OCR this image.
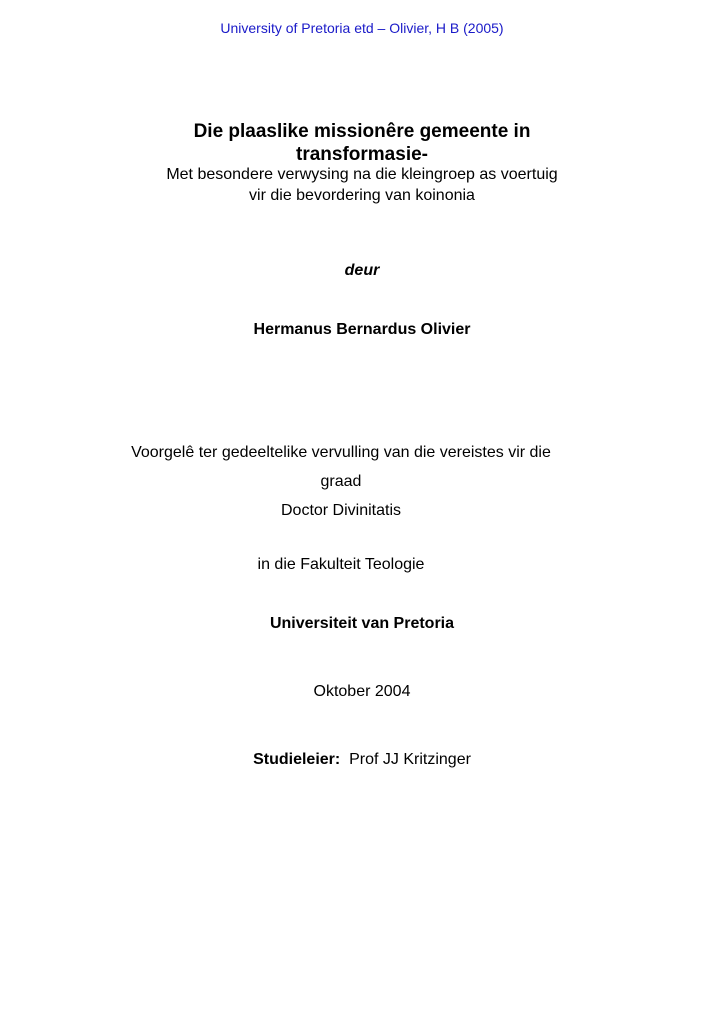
University of Pretoria etd – Olivier, H B (2005)
Die plaaslike missionêre gemeente in
transformasie-
Met besondere verwysing na die kleingroep as voertuig
vir die bevordering van koinonia
deur
Hermanus Bernardus Olivier
Voorgelê ter gedeeltelike vervulling van die vereistes vir die
graad
Doctor Divinitatis
in die Fakulteit Teologie
Universiteit van Pretoria
Oktober 2004
Studieleier: Prof JJ Kritzinger
